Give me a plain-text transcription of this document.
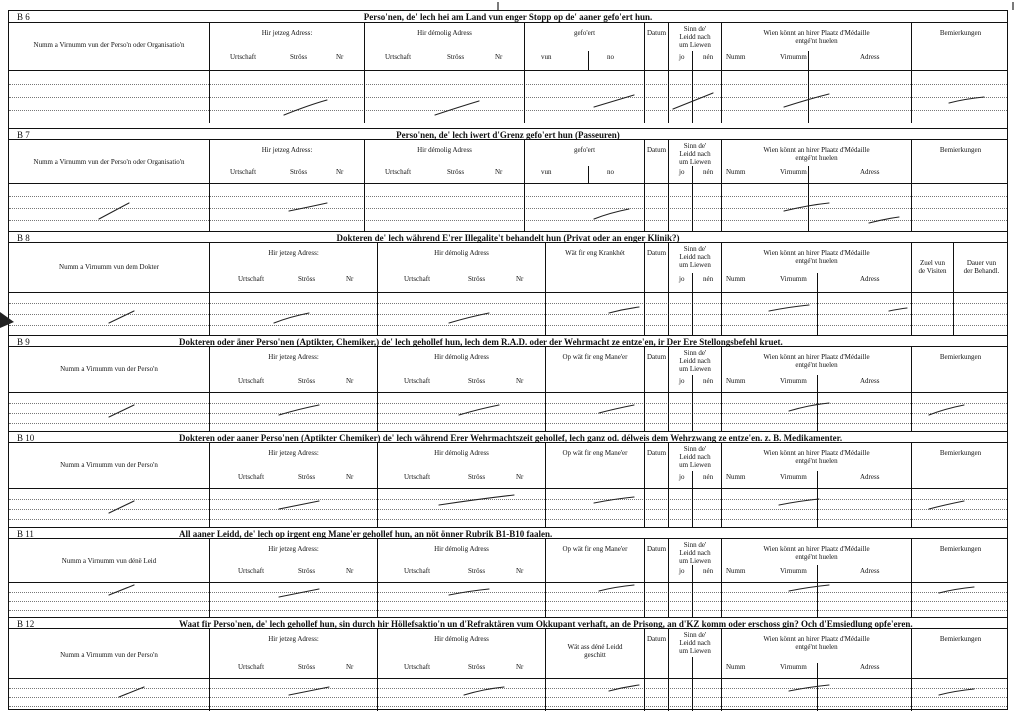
B 6	Perso'nen, de' lech hei am Land vun enger Stopp op de' aaner gefo'ert hun.
Numm a Virnumm vun der Perso'n oder Organisatio'n
Hir jetzeg Adress:
Urtschaft	Ströss	Nr
Hir démolig Adress
Urtschaft	Ströss	Nr
gefo'ert
vun	no
Datum	Sinn de'
Leidd nach
um Liewen
jo	nén
Wien könnt an hirer Plaatz d'Médaille
entgé'nt huelen
Numm	Virnumm	Adress
Bemierkungen
B 7	Perso'nen, de' lech iwert d'Grenz gefo'ert hun (Passeuren)
Numm a Virnumm vun der Perso'n oder Organisatio'n
Hir jetzeg Adress:
Urtschaft	Ströss	Nr
Hir démolig Adress
Urtschaft	Ströss	Nr
gefo'ert
vun	no
Datum	Sinn de'
Leidd nach
um Liewen
jo	nén
Wien könnt an hirer Plaatz d'Médaille
entgé'nt huelen
Numm	Virnumm	Adress
Bemierkungen
B 8	Dokteren de' lech während E'rer Illegalite't behandelt hun (Privat oder an enger Klinik?)
Numm a Virnumm vun dem Dokter
Hir jetzeg Adress:
Urtschaft	Ströss	Nr
Hir démolig Adress
Urtschaft	Ströss	Nr
Wät fir eng Krankhét	Datum	Sinn de'
Leidd nach
um Liewen
jo	nén
Wien könnt an hirer Plaatz d'Médaille
entgé'nt huelen
Numm	Virnumm	Adress
Zuel vun
de Visiten
Dauer vun
der Behandl.
B 9	Dokteren oder äner Perso'nen (Aptikter, Chemiker,) de' lech gehollef hun, lech dem R.A.D. oder der Wehrmacht ze entze'en, ir Der Ere Stellongsbefehl kruet.
Numm a Virnumm vun der Perso'n
Hir jetzeg Adress:
Urtschaft	Ströss	Nr
Hir démolig Adress
Urtschaft	Ströss	Nr
Op wät fir eng Mane'er	Datum	Sinn de'
Leidd nach
um Liewen
jo	nén
Wien könnt an hirer Plaatz d'Médaille
entgé'nt huelen
Numm	Virnumm	Adress
Bemierkungen
B 10	Dokteren oder aaner Perso'nen (Aptikter Chemiker) de' lech während Erer Wehrmachtszeit gehollef, lech ganz od. délweis dem Wehrzwang ze entze'en. z. B. Medikamenter.
Numm a Virnumm vun der Perso'n
Hir jetzeg Adress:
Urtschaft	Ströss	Nr
Hir démolig Adress
Urtschaft	Ströss	Nr
Op wät fir eng Mane'er	Datum	Sinn de'
Leidd nach
um Liewen
jo	nén
Wien könnt an hirer Plaatz d'Médaille
entgé'nt huelen
Numm	Virnumm	Adress
Bemierkungen
B 11	All aaner Leidd, de' lech op irgent eng Mane'er gehollef hun, an nöt önner Rubrik B1-B10 faalen.
Numm a Virnumm vun dénë Leid
Hir jetzeg Adress:
Urtschaft	Ströss	Nr
Hir démolig Adress
Urtschaft	Ströss	Nr
Op wät fir eng Mane'er	Datum	Sinn de'
Leidd nach
um Liewen
jo	nén
Wien könnt an hirer Plaatz d'Médaille
entgé'nt huelen
Numm	Virnumm	Adress
Bemierkungen
B 12	Waat fir Perso'nen, de' lech gehollef hun, sin durch hir Höllefsaktio'n un d'Refraktären vum Okkupant verhaft, an de Prisong, an d'KZ komm oder erschoss gin? Och d'Emsiedlung opfe'eren.
Numm a Virnumm vun der Perso'n
Hir jetzeg Adress:
Urtschaft	Ströss	Nr
Hir démolig Adress
Urtschaft	Ströss	Nr
Wät ass déné Leidd
geschitt
Datum	Sinn de'
Leidd nach
um Liewen
Wien könnt an hirer Plaatz d'Médaille
entgé'nt huelen
Numm	Virnumm	Adress
Bemierkungen
